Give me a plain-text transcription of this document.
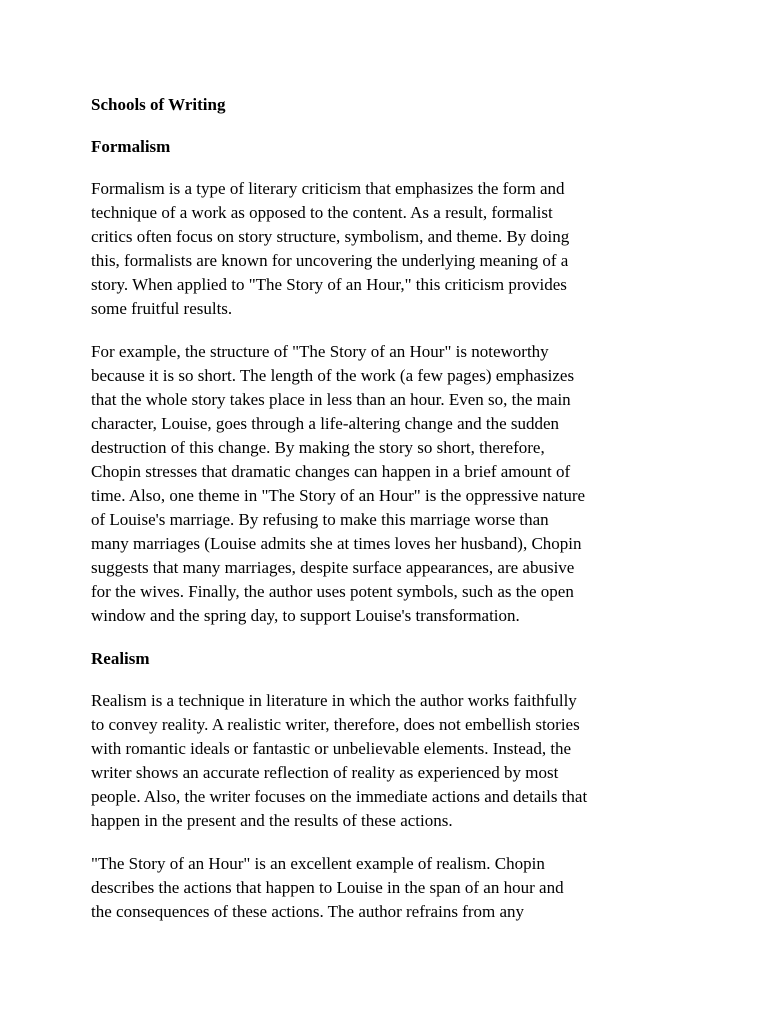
Schools of Writing

Formalism

Formalism is a type of literary criticism that emphasizes the form and
technique of a work as opposed to the content. As a result, formalist
critics often focus on story structure, symbolism, and theme. By doing
this, formalists are known for uncovering the underlying meaning of a
story. When applied to "The Story of an Hour," this criticism provides
some fruitful results.

For example, the structure of "The Story of an Hour" is noteworthy
because it is so short. The length of the work (a few pages) emphasizes
that the whole story takes place in less than an hour. Even so, the main
character, Louise, goes through a life-altering change and the sudden
destruction of this change. By making the story so short, therefore,
Chopin stresses that dramatic changes can happen in a brief amount of
time. Also, one theme in "The Story of an Hour" is the oppressive nature
of Louise's marriage. By refusing to make this marriage worse than
many marriages (Louise admits she at times loves her husband), Chopin
suggests that many marriages, despite surface appearances, are abusive
for the wives. Finally, the author uses potent symbols, such as the open
window and the spring day, to support Louise's transformation.

Realism

Realism is a technique in literature in which the author works faithfully
to convey reality. A realistic writer, therefore, does not embellish stories
with romantic ideals or fantastic or unbelievable elements. Instead, the
writer shows an accurate reflection of reality as experienced by most
people. Also, the writer focuses on the immediate actions and details that
happen in the present and the results of these actions.

"The Story of an Hour" is an excellent example of realism. Chopin
describes the actions that happen to Louise in the span of an hour and
the consequences of these actions. The author refrains from any
